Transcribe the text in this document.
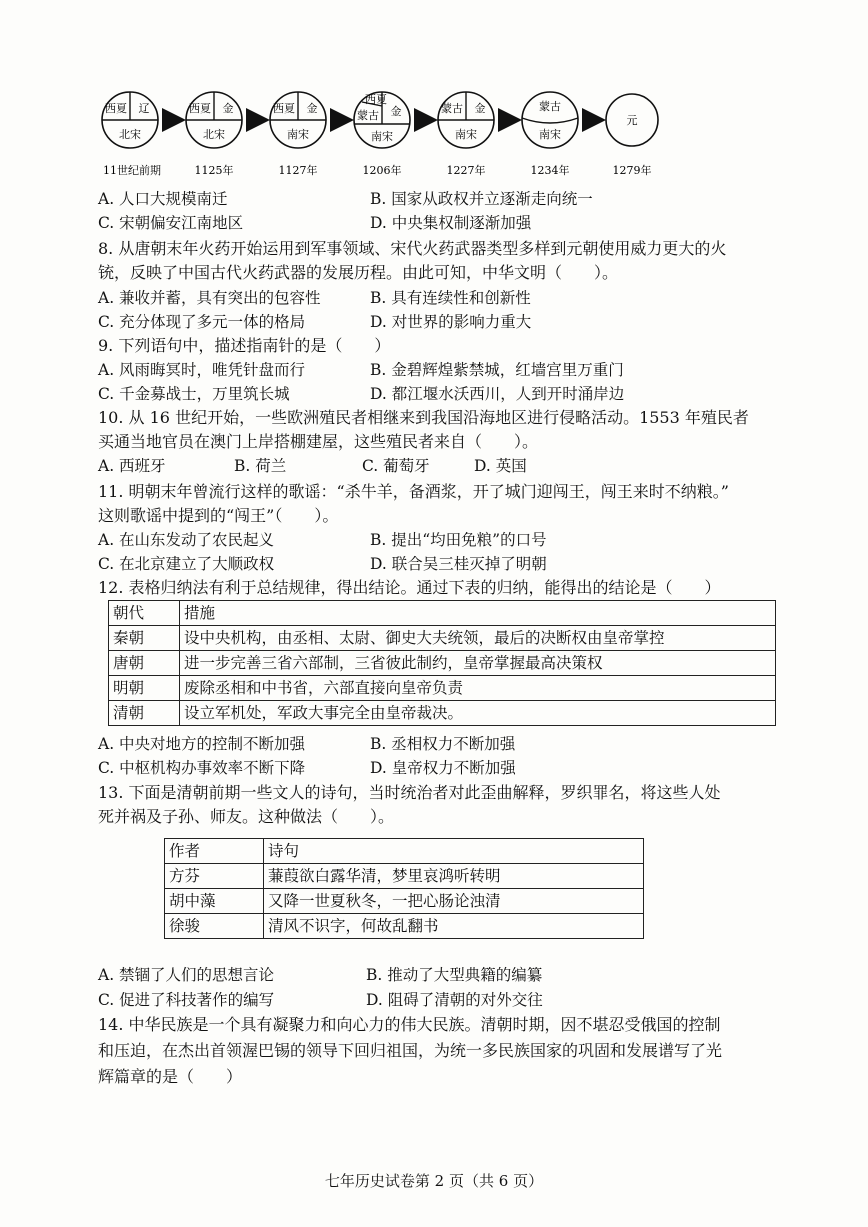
西夏 辽
北宋
11世纪前期
西夏 金
北宋
1125年
西夏 金
南宋
1127年
西夏
蒙古 金
南宋
1206年
蒙古 金
南宋
1227年
蒙古
南宋
1234年
元
1279年
A. 人口大规模南迁	B. 国家从政权并立逐渐走向统一
C. 宋朝偏安江南地区	D. 中央集权制逐渐加强
8. 从唐朝末年火药开始运用到军事领域、宋代火药武器类型多样到元朝使用威力更大的火
铳，反映了中国古代火药武器的发展历程。由此可知，中华文明（　　）。
A. 兼收并蓄，具有突出的包容性	B. 具有连续性和创新性
C. 充分体现了多元一体的格局	D. 对世界的影响力重大
9. 下列语句中，描述指南针的是（　　）
A. 风雨晦冥时，唯凭针盘而行	B. 金碧辉煌紫禁城，红墙宫里万重门
C. 千金募战士，万里筑长城	D. 都江堰水沃西川，人到开时涌岸边
10. 从 16 世纪开始，一些欧洲殖民者相继来到我国沿海地区进行侵略活动。1553 年殖民者
买通当地官员在澳门上岸搭棚建屋，这些殖民者来自（　　）。
A. 西班牙	B. 荷兰	C. 葡萄牙	D. 英国
11. 明朝末年曾流行这样的歌谣：“杀牛羊，备酒浆，开了城门迎闯王，闯王来时不纳粮。”
这则歌谣中提到的“闯王”（　　）。
A. 在山东发动了农民起义	B. 提出“均田免粮”的口号
C. 在北京建立了大顺政权	D. 联合吴三桂灭掉了明朝
12. 表格归纳法有利于总结规律，得出结论。通过下表的归纳，能得出的结论是（　　）
朝代	措施
秦朝	设中央机构，由丞相、太尉、御史大夫统领，最后的决断权由皇帝掌控
唐朝	进一步完善三省六部制，三省彼此制约，皇帝掌握最高决策权
明朝	废除丞相和中书省，六部直接向皇帝负责
清朝	设立军机处，军政大事完全由皇帝裁决。
A. 中央对地方的控制不断加强	B. 丞相权力不断加强
C. 中枢机构办事效率不断下降	D. 皇帝权力不断加强
13. 下面是清朝前期一些文人的诗句，当时统治者对此歪曲解释，罗织罪名，将这些人处
死并祸及子孙、师友。这种做法（　　）。
作者	诗句
方芬	蒹葭欲白露华清，梦里哀鸿听转明
胡中藻	又降一世夏秋冬，一把心肠论浊清
徐骏	清风不识字，何故乱翻书
A. 禁锢了人们的思想言论	B. 推动了大型典籍的编纂
C. 促进了科技著作的编写	D. 阻碍了清朝的对外交往
14. 中华民族是一个具有凝聚力和向心力的伟大民族。清朝时期，因不堪忍受俄国的控制
和压迫，在杰出首领渥巴锡的领导下回归祖国，为统一多民族国家的巩固和发展谱写了光
辉篇章的是（　　）
七年历史试卷第 2 页（共 6 页）
